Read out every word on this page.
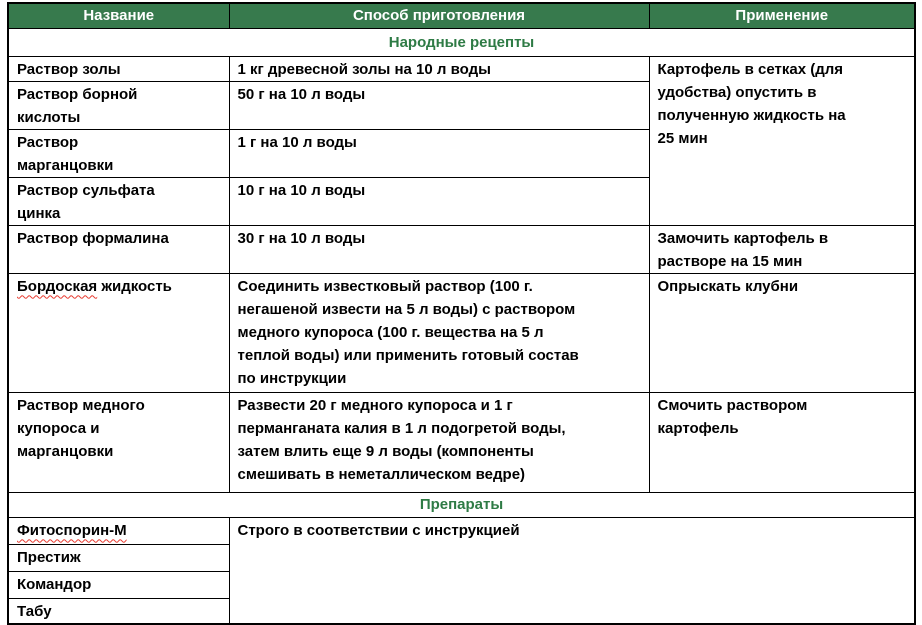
Название	Способ приготовления	Применение
Народные рецепты		
Раствор золы	1 кг древесной золы на 10 л воды	Картофель в сетках (для удобства) опустить в полученную жидкость на 25 мин
Раствор борной кислоты	50 г на 10 л воды	
Раствор марганцовки	1 г на 10 л воды	
Раствор сульфата цинка	10 г на 10 л воды	
Раствор формалина	30 г на 10 л воды	Замочить картофель в растворе на 15 мин
Бордоская жидкость	Соединить известковый раствор (100 г. негашеной извести на 5 л воды) с раствором медного купороса (100 г. вещества на 5 л теплой воды) или применить готовый состав по инструкции	Опрыскать клубни
Раствор медного купороса и марганцовки	Развести 20 г медного купороса и 1 г перманганата калия в 1 л подогретой воды, затем влить еще 9 л воды (компоненты смешивать в неметаллическом ведре)	Смочить раствором картофель
Препараты		
Фитоспорин-М	Строго в соответствии с инструкцией	
Престиж		
Командор		
Табу		
